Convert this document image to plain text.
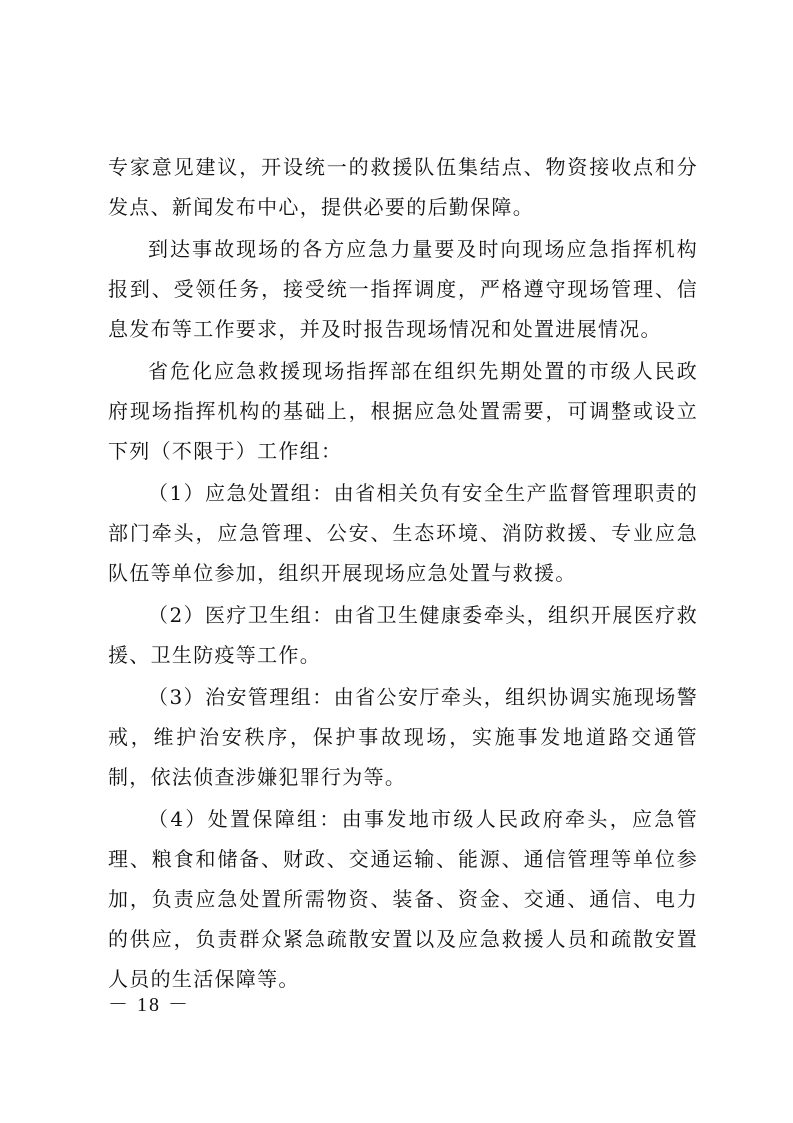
专家意见建议，开设统一的救援队伍集结点、物资接收点和分发点、新闻发布中心，提供必要的后勤保障。

到达事故现场的各方应急力量要及时向现场应急指挥机构报到、受领任务，接受统一指挥调度，严格遵守现场管理、信息发布等工作要求，并及时报告现场情况和处置进展情况。

省危化应急救援现场指挥部在组织先期处置的市级人民政府现场指挥机构的基础上，根据应急处置需要，可调整或设立下列（不限于）工作组：

（1）应急处置组：由省相关负有安全生产监督管理职责的部门牵头，应急管理、公安、生态环境、消防救援、专业应急队伍等单位参加，组织开展现场应急处置与救援。

（2）医疗卫生组：由省卫生健康委牵头，组织开展医疗救援、卫生防疫等工作。

（3）治安管理组：由省公安厅牵头，组织协调实施现场警戒，维护治安秩序，保护事故现场，实施事发地道路交通管制，依法侦查涉嫌犯罪行为等。

（4）处置保障组：由事发地市级人民政府牵头，应急管理、粮食和储备、财政、交通运输、能源、通信管理等单位参加，负责应急处置所需物资、装备、资金、交通、通信、电力的供应，负责群众紧急疏散安置以及应急救援人员和疏散安置人员的生活保障等。

－ 18 －
